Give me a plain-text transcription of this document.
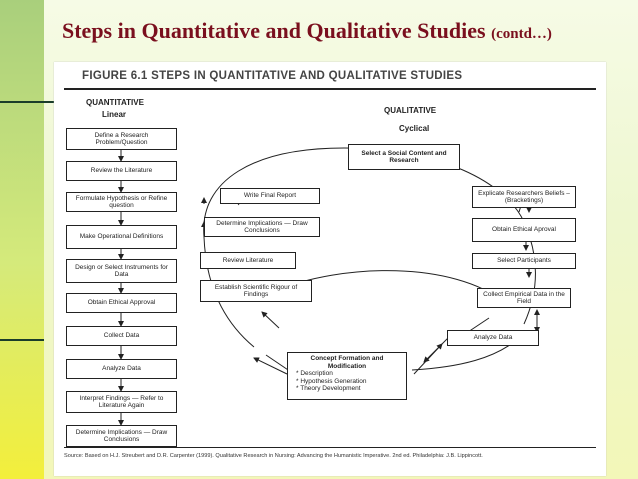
Steps in Quantitative and Qualitative Studies (contd…)
FIGURE 6.1 STEPS IN QUANTITATIVE AND QUALITATIVE STUDIES
QUANTITATIVE
Linear
Define a Research Problem/Question
Review the Literature
Formulate Hypothesis or Refine question
Make Operational Definitions
Design or Select Instruments for Data
Obtain Ethical Approval
Collect Data
Analyze Data
Interpret Findings — Refer to Literature Again
Determine Implications — Draw Conclusions
QUALITATIVE
Cyclical
Select a Social Content and Research
Explicate Researchers Beliefs – (Bracketings)
Obtain Ethical Aproval
Select Participants
Collect Empirical Data in the Field
Analyze Data
Write Final Report
Determine Implications — Draw Conclusions
Review Literature
Establish Scientific Rigour of Findings
Concept Formation and Modification
* Description
* Hypothesis Generation
* Theory Development
Source: Based on H.J. Streubert and D.R. Carpenter (1999). Qualitative Research in Nursing: Advancing the Humanistic Imperative. 2nd ed. Philadelphia: J.B. Lippincott.
